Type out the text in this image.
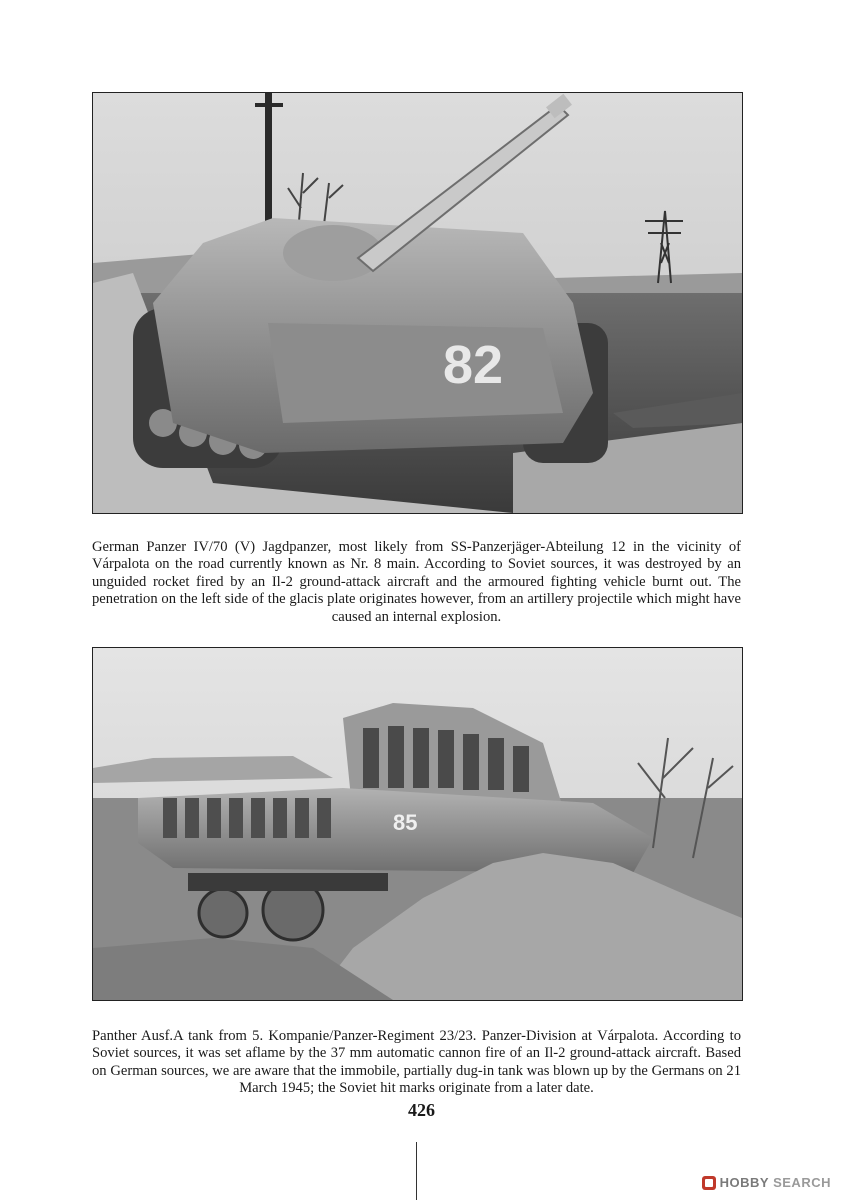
82

German Panzer IV/70 (V) Jagdpanzer, most likely from SS-Panzerjäger-Abteilung 12 in the vicinity of Várpalota on the road currently known as Nr. 8 main. According to Soviet sources, it was destroyed by an unguided rocket fired by an Il-2 ground-attack aircraft and the armoured fighting vehicle burnt out. The penetration on the left side of the glacis plate originates however, from an artillery projectile which might have caused an internal explosion.

85

Panther Ausf.A tank from 5. Kompanie/Panzer-Regiment 23/23. Panzer-Division at Várpalota. According to Soviet sources, it was set aflame by the 37 mm automatic cannon fire of an Il-2 ground-attack aircraft. Based on German sources, we are aware that the immobile, partially dug-in tank was blown up by the Germans on 21 March 1945; the Soviet hit marks originate from a later date.

426
HOBBY SEARCH
